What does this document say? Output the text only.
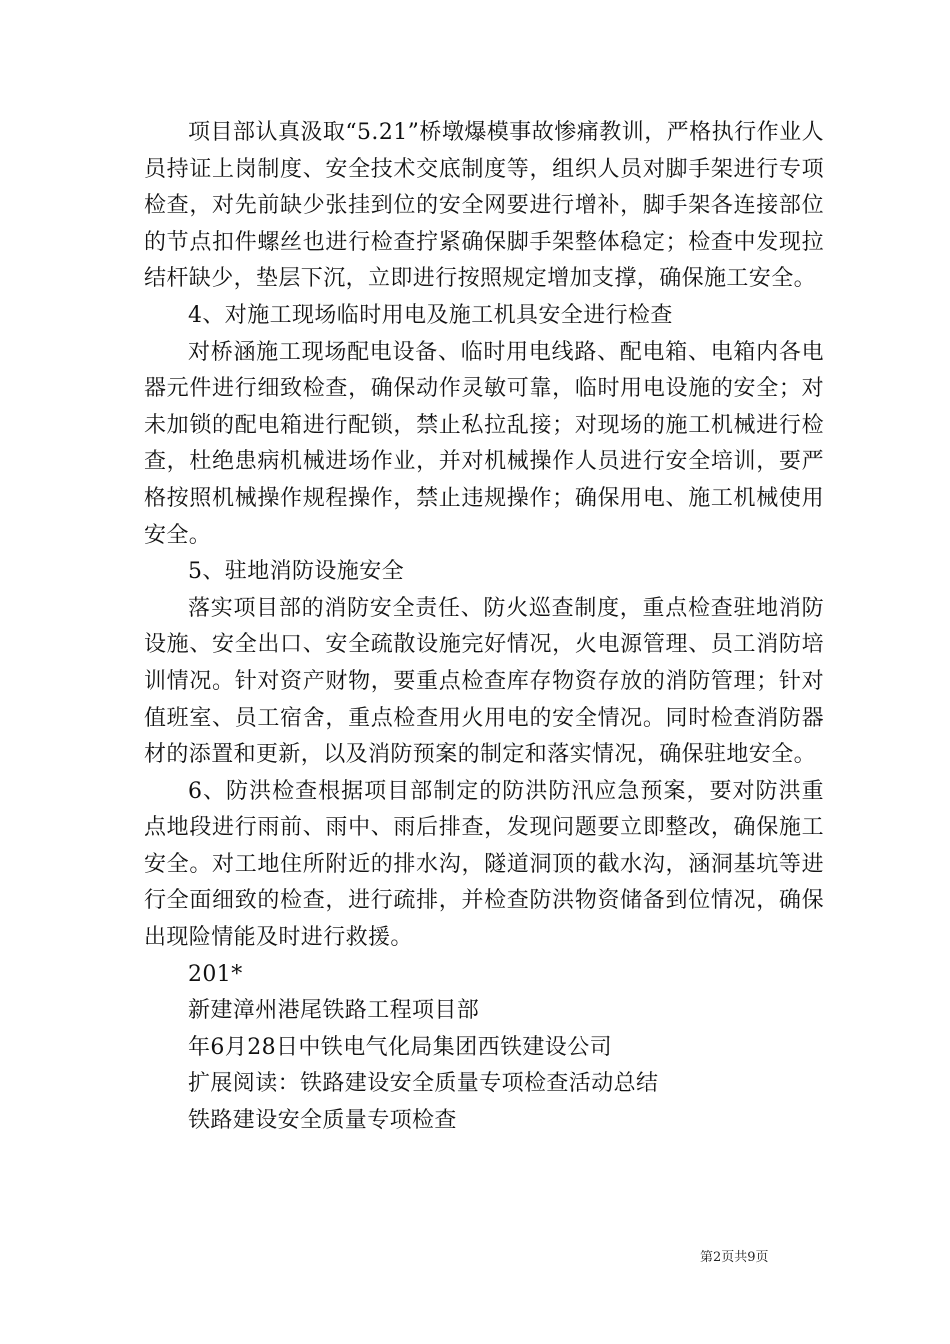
项目部认真汲取“5.21”桥墩爆模事故惨痛教训，严格执行作业人员持证上岗制度、安全技术交底制度等，组织人员对脚手架进行专项检查，对先前缺少张挂到位的安全网要进行增补，脚手架各连接部位的节点扣件螺丝也进行检查拧紧确保脚手架整体稳定；检查中发现拉结杆缺少，垫层下沉，立即进行按照规定增加支撑，确保施工安全。

4、对施工现场临时用电及施工机具安全进行检查

对桥涵施工现场配电设备、临时用电线路、配电箱、电箱内各电器元件进行细致检查，确保动作灵敏可靠，临时用电设施的安全；对未加锁的配电箱进行配锁，禁止私拉乱接；对现场的施工机械进行检查，杜绝患病机械进场作业，并对机械操作人员进行安全培训，要严格按照机械操作规程操作，禁止违规操作；确保用电、施工机械使用安全。

5、驻地消防设施安全

落实项目部的消防安全责任、防火巡查制度，重点检查驻地消防设施、安全出口、安全疏散设施完好情况，火电源管理、员工消防培训情况。针对资产财物，要重点检查库存物资存放的消防管理；针对值班室、员工宿舍，重点检查用火用电的安全情况。同时检查消防器材的添置和更新，以及消防预案的制定和落实情况，确保驻地安全。

6、防洪检查根据项目部制定的防洪防汛应急预案，要对防洪重点地段进行雨前、雨中、雨后排查，发现问题要立即整改，确保施工安全。对工地住所附近的排水沟，隧道洞顶的截水沟，涵洞基坑等进行全面细致的检查，进行疏排，并检查防洪物资储备到位情况，确保出现险情能及时进行救援。

201*

新建漳州港尾铁路工程项目部

年6月28日中铁电气化局集团西铁建设公司

扩展阅读：铁路建设安全质量专项检查活动总结

铁路建设安全质量专项检查

第2页共9页
